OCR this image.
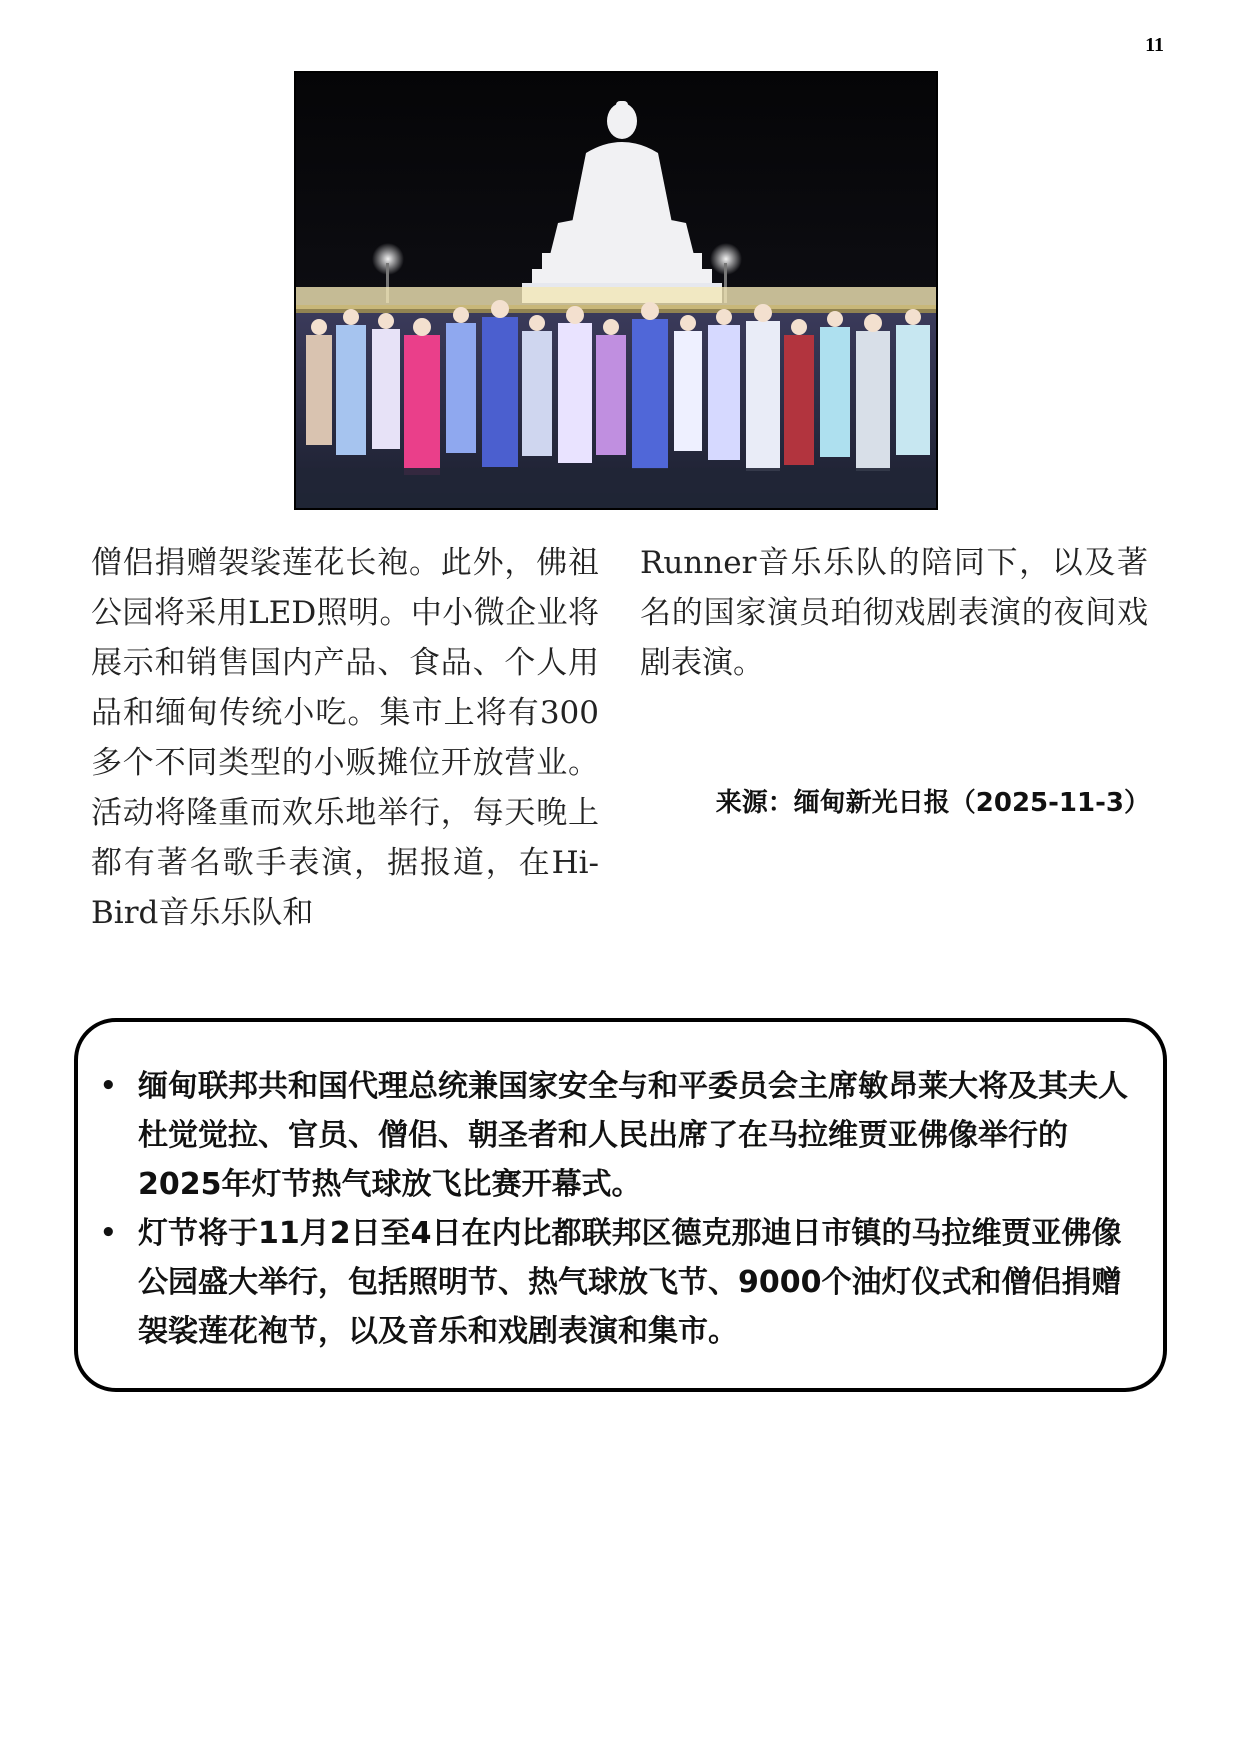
11

僧侣捐赠袈裟莲花长袍。此外，佛祖公园将采用LED照明。中小微企业将展示和销售国内产品、食品、个人用品和缅甸传统小吃。集市上将有300多个不同类型的小贩摊位开放营业。活动将隆重而欢乐地举行，每天晚上都有著名歌手表演，据报道，在Hi-Bird音乐乐队和

Runner音乐乐队的陪同下，以及著名的国家演员珀彻戏剧表演的夜间戏剧表演。

来源：缅甸新光日报（2025-11-3）
• 缅甸联邦共和国代理总统兼国家安全与和平委员会主席敏昂莱大将及其夫人杜觉觉拉、官员、僧侣、朝圣者和人民出席了在马拉维贾亚佛像举行的2025年灯节热气球放飞比赛开幕式。
• 灯节将于11月2日至4日在内比都联邦区德克那迪日市镇的马拉维贾亚佛像公园盛大举行，包括照明节、热气球放飞节、9000个油灯仪式和僧侣捐赠袈裟莲花袍节，以及音乐和戏剧表演和集市。
